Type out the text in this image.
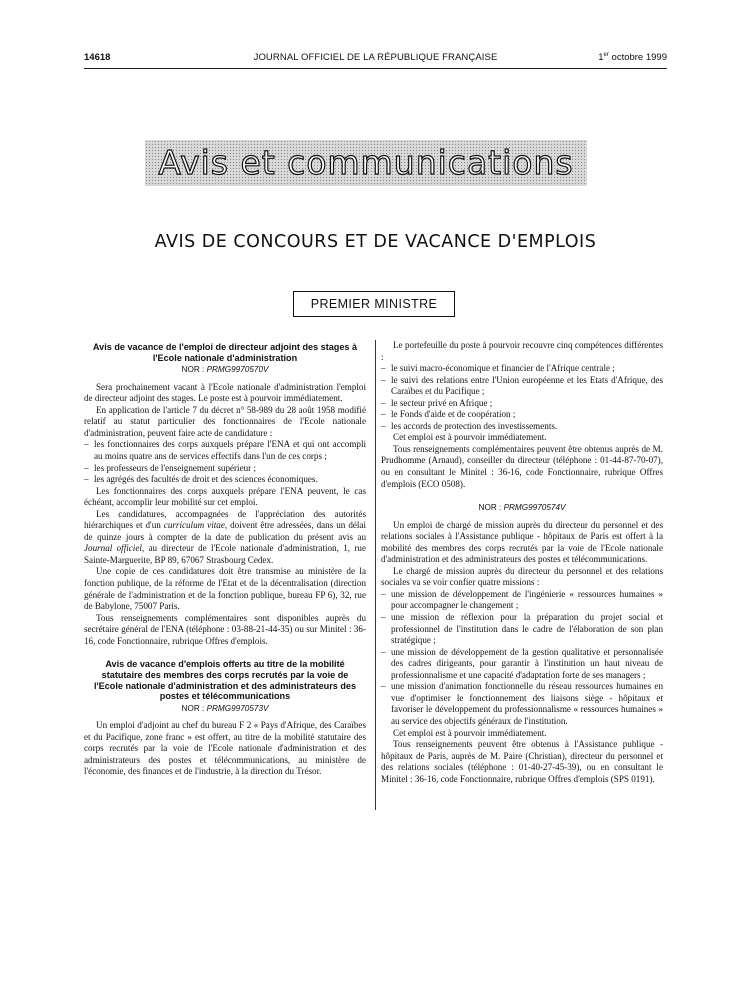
14618	JOURNAL OFFICIEL DE LA RÉPUBLIQUE FRANÇAISE	1er octobre 1999
Avis et communications
AVIS DE CONCOURS ET DE VACANCE D'EMPLOIS
PREMIER MINISTRE
Avis de vacance de l'emploi de directeur adjoint des stages à l'Ecole nationale d'administration
NOR : PRMG9970570V

Sera prochainement vacant à l'Ecole nationale d'administration l'emploi de directeur adjoint des stages. Le poste est à pourvoir immédiatement.

En application de l'article 7 du décret n° 58-989 du 28 août 1958 modifié relatif au statut particulier des fonctionnaires de l'Ecole nationale d'administration, peuvent faire acte de candidature :

– les fonctionnaires des corps auxquels prépare l'ENA et qui ont accompli au moins quatre ans de services effectifs dans l'un de ces corps ;
– les professeurs de l'enseignement supérieur ;
– les agrégés des facultés de droit et des sciences économiques.

Les fonctionnaires des corps auxquels prépare l'ENA peuvent, le cas échéant, accomplir leur mobilité sur cet emploi.

Les candidatures, accompagnées de l'appréciation des autorités hiérarchiques et d'un curriculum vitae, doivent être adressées, dans un délai de quinze jours à compter de la date de publication du présent avis au Journal officiel, au directeur de l'Ecole nationale d'administration, 1, rue Sainte-Marguerite, BP 89, 67067 Strasbourg Cedex.

Une copie de ces candidatures doit être transmise au ministère de la fonction publique, de la réforme de l'Etat et de la décentralisation (direction générale de l'administration et de la fonction publique, bureau FP 6), 32, rue de Babylone, 75007 Paris.

Tous renseignements complémentaires sont disponibles auprès du secrétaire général de l'ENA (téléphone : 03-88-21-44-35) ou sur Minitel : 36-16, code Fonctionnaire, rubrique Offres d'emplois.

Avis de vacance d'emplois offerts au titre de la mobilité statutaire des membres des corps recrutés par la voie de l'Ecole nationale d'administration et des administrateurs des postes et télécommunications
NOR : PRMG9970573V

Un emploi d'adjoint au chef du bureau F 2 « Pays d'Afrique, des Caraïbes et du Pacifique, zone franc » est offert, au titre de la mobilité statutaire des corps recrutés par la voie de l'Ecole nationale d'administration et des administrateurs des postes et télécommunications, au ministère de l'économie, des finances et de l'industrie, à la direction du Trésor.

Le portefeuille du poste à pourvoir recouvre cinq compétences différentes :

– le suivi macro-économique et financier de l'Afrique centrale ;
– le suivi des relations entre l'Union européenne et les Etats d'Afrique, des Caraïbes et du Pacifique ;
– le secteur privé en Afrique ;
– le Fonds d'aide et de coopération ;
– les accords de protection des investissements.

Cet emploi est à pourvoir immédiatement.

Tous renseignements complémentaires peuvent être obtenus auprès de M. Prudhomme (Arnaud), conseiller du directeur (téléphone : 01-44-87-70-07), ou en consultant le Minitel : 36-16, code Fonctionnaire, rubrique Offres d'emplois (ECO 0508).

NOR : PRMG9970574V

Un emploi de chargé de mission auprès du directeur du personnel et des relations sociales à l'Assistance publique - hôpitaux de Paris est offert à la mobilité des membres des corps recrutés par la voie de l'Ecole nationale d'administration et des administrateurs des postes et télécommunications.

Le chargé de mission auprès du directeur du personnel et des relations sociales va se voir confier quatre missions :

– une mission de développement de l'ingénierie « ressources humaines » pour accompagner le changement ;
– une mission de réflexion pour la préparation du projet social et professionnel de l'institution dans le cadre de l'élaboration de son plan stratégique ;
– une mission de développement de la gestion qualitative et personnalisée des cadres dirigeants, pour garantir à l'institution un haut niveau de professionnalisme et une capacité d'adaptation forte de ses managers ;
– une mission d'animation fonctionnelle du réseau ressources humaines en vue d'optimiser le fonctionnement des liaisons siège - hôpitaux et favoriser le développement du professionnalisme « ressources humaines » au service des objectifs généraux de l'institution.

Cet emploi est à pourvoir immédiatement.

Tous renseignements peuvent être obtenus à l'Assistance publique - hôpitaux de Paris, auprès de M. Paire (Christian), directeur du personnel et des relations sociales (téléphone : 01-40-27-45-39), ou en consultant le Minitel : 36-16, code Fonctionnaire, rubrique Offres d'emplois (SPS 0191).
